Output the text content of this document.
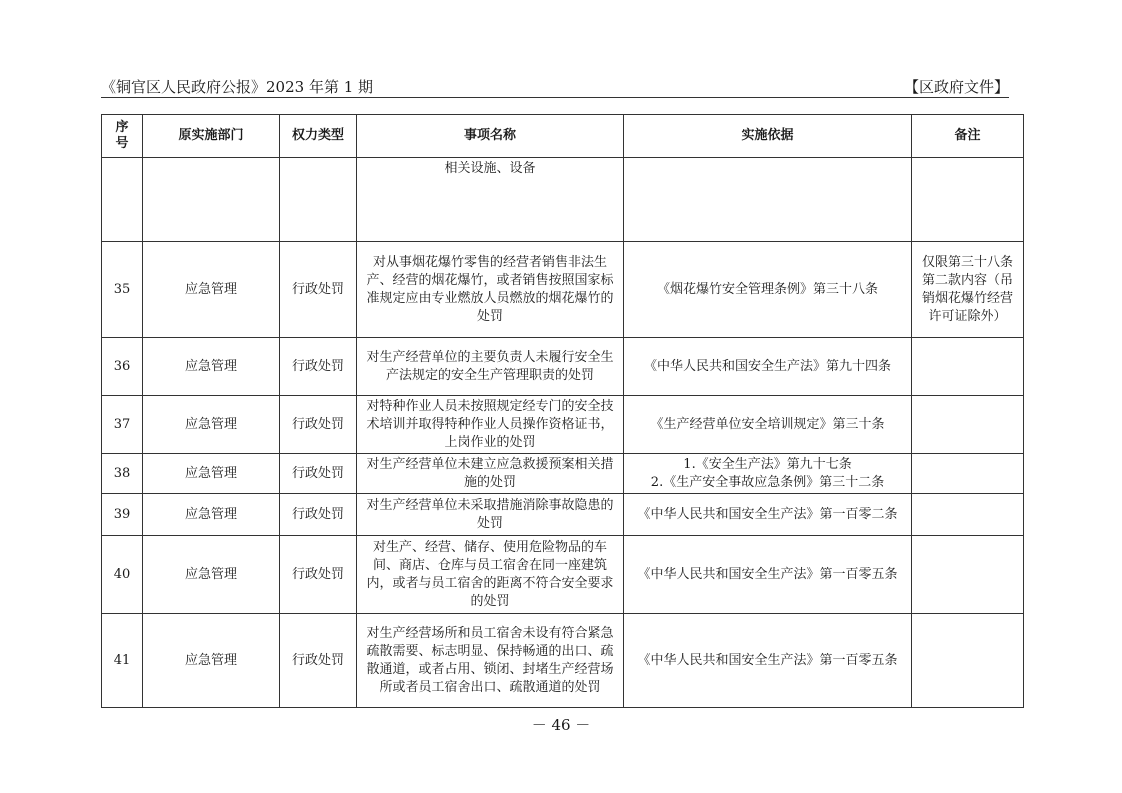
《铜官区人民政府公报》2023 年第 1 期	【区政府文件】
序号	原实施部门	权力类型	事项名称	实施依据	备注
			相关设施、设备		
35	应急管理	行政处罚	对从事烟花爆竹零售的经营者销售非法生产、经营的烟花爆竹，或者销售按照国家标准规定应由专业燃放人员燃放的烟花爆竹的处罚	《烟花爆竹安全管理条例》第三十八条	仅限第三十八条第二款内容（吊销烟花爆竹经营许可证除外）
36	应急管理	行政处罚	对生产经营单位的主要负责人未履行安全生产法规定的安全生产管理职责的处罚	《中华人民共和国安全生产法》第九十四条	
37	应急管理	行政处罚	对特种作业人员未按照规定经专门的安全技术培训并取得特种作业人员操作资格证书，上岗作业的处罚	《生产经营单位安全培训规定》第三十条	
38	应急管理	行政处罚	对生产经营单位未建立应急救援预案相关措施的处罚	1.《安全生产法》第九十七条
2.《生产安全事故应急条例》第三十二条	
39	应急管理	行政处罚	对生产经营单位未采取措施消除事故隐患的处罚	《中华人民共和国安全生产法》第一百零二条	
40	应急管理	行政处罚	对生产、经营、储存、使用危险物品的车间、商店、仓库与员工宿舍在同一座建筑内，或者与员工宿舍的距离不符合安全要求的处罚	《中华人民共和国安全生产法》第一百零五条	
41	应急管理	行政处罚	对生产经营场所和员工宿舍未设有符合紧急疏散需要、标志明显、保持畅通的出口、疏散通道，或者占用、锁闭、封堵生产经营场所或者员工宿舍出口、疏散通道的处罚	《中华人民共和国安全生产法》第一百零五条	
－ 46 －
